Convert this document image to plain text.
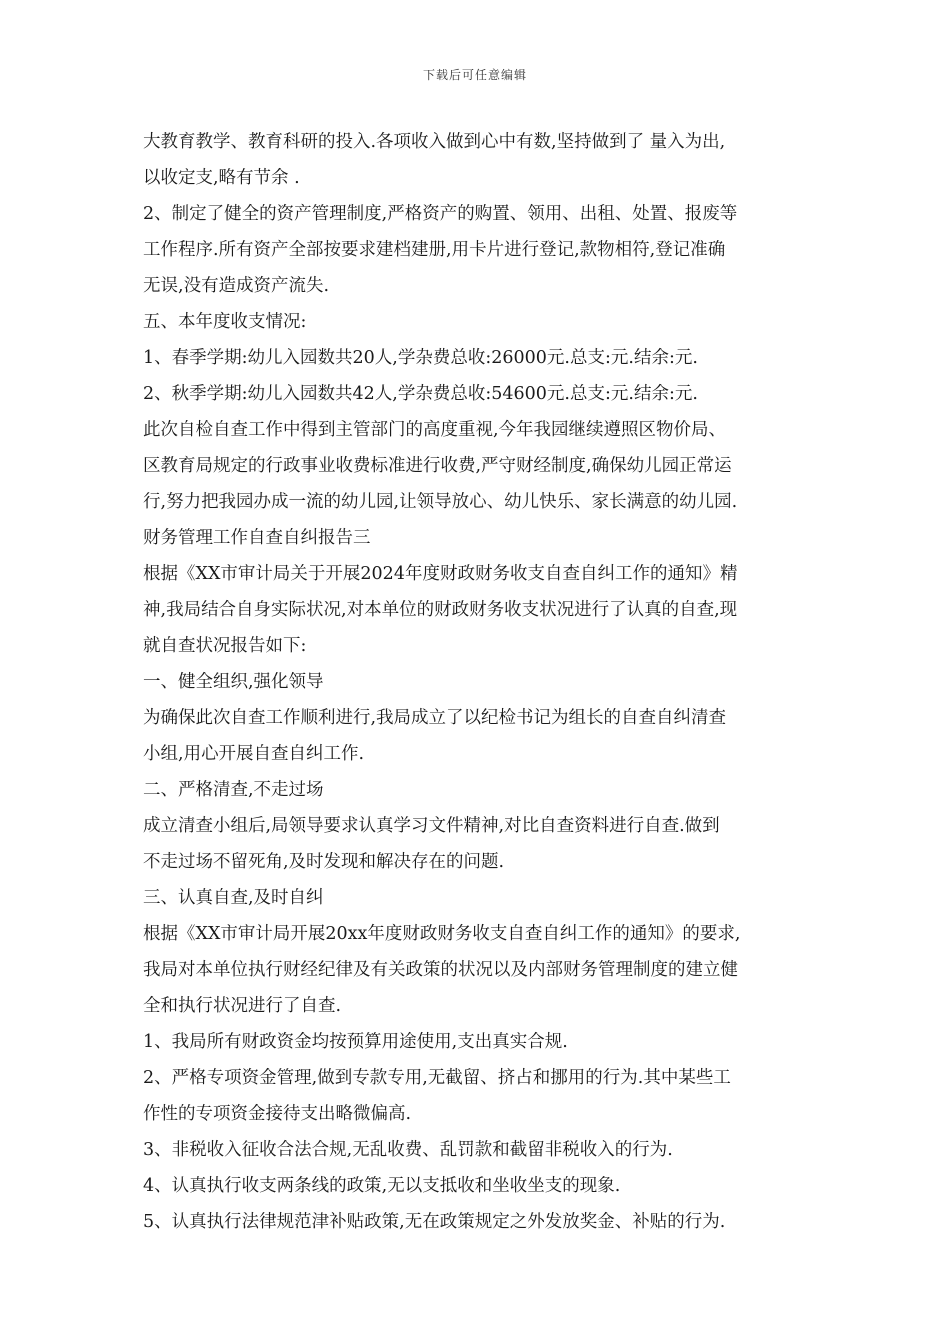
下载后可任意编辑
大教育教学、教育科研的投入.各项收入做到心中有数,坚持做到了 量入为出,
以收定支,略有节余 .
2、制定了健全的资产管理制度,严格资产的购置、领用、出租、处置、报废等
工作程序.所有资产全部按要求建档建册,用卡片进行登记,款物相符,登记准确
无误,没有造成资产流失.
五、本年度收支情况:
1、春季学期:幼儿入园数共20人,学杂费总收:26000元.总支:元.结余:元.
2、秋季学期:幼儿入园数共42人,学杂费总收:54600元.总支:元.结余:元.
此次自检自查工作中得到主管部门的高度重视,今年我园继续遵照区物价局、
区教育局规定的行政事业收费标准进行收费,严守财经制度,确保幼儿园正常运
行,努力把我园办成一流的幼儿园,让领导放心、幼儿快乐、家长满意的幼儿园.
财务管理工作自查自纠报告三
根据《XX市审计局关于开展2024年度财政财务收支自查自纠工作的通知》精
神,我局结合自身实际状况,对本单位的财政财务收支状况进行了认真的自查,现
就自查状况报告如下:
一、健全组织,强化领导
为确保此次自查工作顺利进行,我局成立了以纪检书记为组长的自查自纠清查
小组,用心开展自查自纠工作.
二、严格清查,不走过场
成立清查小组后,局领导要求认真学习文件精神,对比自查资料进行自查.做到
不走过场不留死角,及时发现和解决存在的问题.
三、认真自查,及时自纠
根据《XX市审计局开展20xx年度财政财务收支自查自纠工作的通知》的要求,
我局对本单位执行财经纪律及有关政策的状况以及内部财务管理制度的建立健
全和执行状况进行了自查.
1、我局所有财政资金均按预算用途使用,支出真实合规.
2、严格专项资金管理,做到专款专用,无截留、挤占和挪用的行为.其中某些工
作性的专项资金接待支出略微偏高.
3、非税收入征收合法合规,无乱收费、乱罚款和截留非税收入的行为.
4、认真执行收支两条线的政策,无以支抵收和坐收坐支的现象.
5、认真执行法律规范津补贴政策,无在政策规定之外发放奖金、补贴的行为.
